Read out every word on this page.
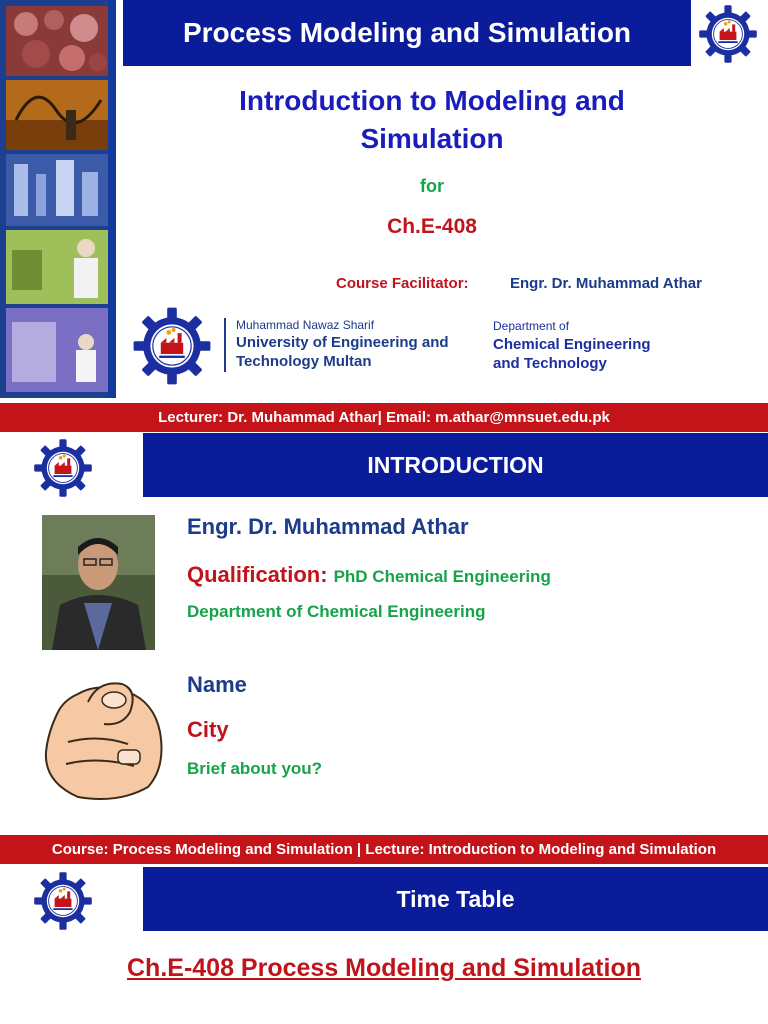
Process Modeling and Simulation
Introduction to Modeling and
Simulation
for
Ch.E-408
Course Facilitator:	Engr. Dr. Muhammad Athar
Muhammad Nawaz Sharif
University of Engineering and
Technology Multan
Department of
Chemical Engineering
and Technology
Lecturer: Dr. Muhammad Athar| Email: m.athar@mnsuet.edu.pk
INTRODUCTION
Engr. Dr. Muhammad Athar
Qualification: PhD Chemical Engineering
Department of Chemical Engineering
Name
City
Brief about you?
Course: Process Modeling and Simulation | Lecture: Introduction to Modeling and Simulation
Time Table
Ch.E-408 Process Modeling and Simulation
